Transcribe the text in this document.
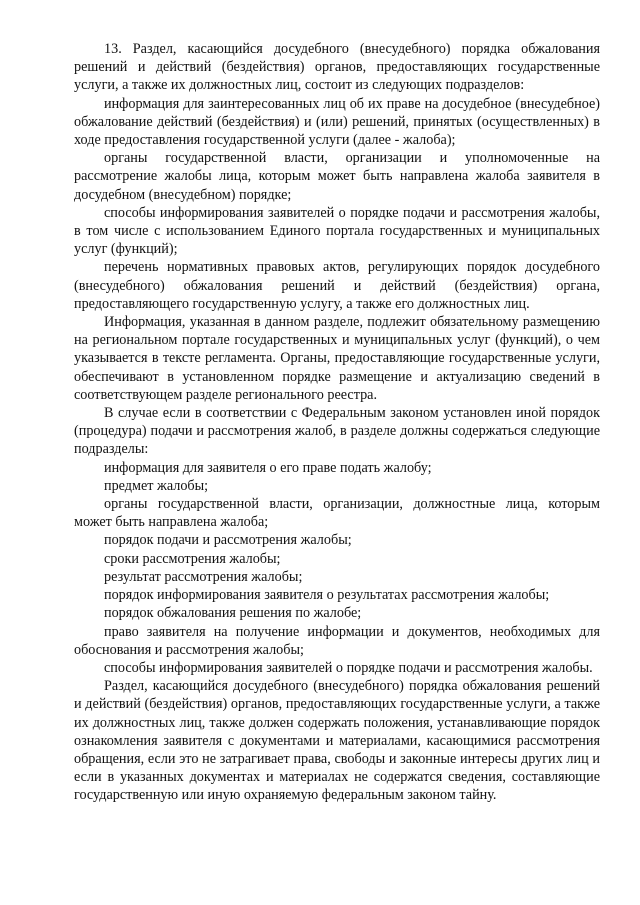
13. Раздел, касающийся досудебного (внесудебного) порядка обжалования решений и действий (бездействия) органов, предоставляющих государственные услуги, а также их должностных лиц, состоит из следующих подразделов:

информация для заинтересованных лиц об их праве на досудебное (внесудебное) обжалование действий (бездействия) и (или) решений, принятых (осуществленных) в ходе предоставления государственной услуги (далее - жалоба);

органы государственной власти, организации и уполномоченные на рассмотрение жалобы лица, которым может быть направлена жалоба заявителя в досудебном (внесудебном) порядке;

способы информирования заявителей о порядке подачи и рассмотрения жалобы, в том числе с использованием Единого портала государственных и муниципальных услуг (функций);

перечень нормативных правовых актов, регулирующих порядок досудебного (внесудебного) обжалования решений и действий (бездействия) органа, предоставляющего государственную услугу, а также его должностных лиц.

Информация, указанная в данном разделе, подлежит обязательному размещению на региональном портале государственных и муниципальных услуг (функций), о чем указывается в тексте регламента. Органы, предоставляющие государственные услуги, обеспечивают в установленном порядке размещение и актуализацию сведений в соответствующем разделе регионального реестра.

В случае если в соответствии с Федеральным законом установлен иной порядок (процедура) подачи и рассмотрения жалоб, в разделе должны содержаться следующие подразделы:

информация для заявителя о его праве подать жалобу;

предмет жалобы;

органы государственной власти, организации, должностные лица, которым может быть направлена жалоба;

порядок подачи и рассмотрения жалобы;

сроки рассмотрения жалобы;

результат рассмотрения жалобы;

порядок информирования заявителя о результатах рассмотрения жалобы;

порядок обжалования решения по жалобе;

право заявителя на получение информации и документов, необходимых для обоснования и рассмотрения жалобы;

способы информирования заявителей о порядке подачи и рассмотрения жалобы.

Раздел, касающийся досудебного (внесудебного) порядка обжалования решений и действий (бездействия) органов, предоставляющих государственные услуги, а также их должностных лиц, также должен содержать положения, устанавливающие порядок ознакомления заявителя с документами и материалами, касающимися рассмотрения обращения, если это не затрагивает права, свободы и законные интересы других лиц и если в указанных документах и материалах не содержатся сведения, составляющие государственную или иную охраняемую федеральным законом тайну.
